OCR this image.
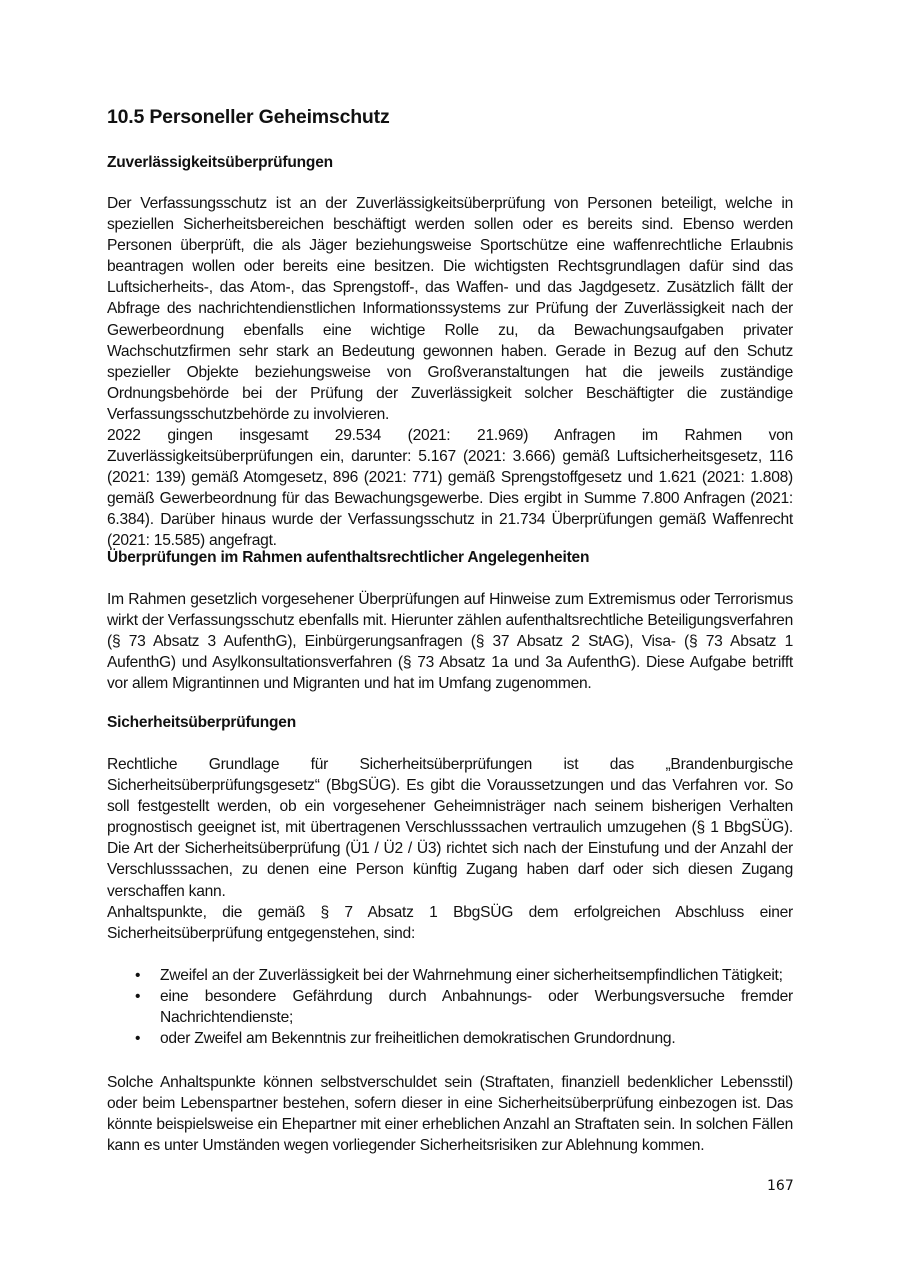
10.5 Personeller Geheimschutz
Zuverlässigkeitsüberprüfungen

Der Verfassungsschutz ist an der Zuverlässigkeitsüberprüfung von Personen beteiligt, welche in speziellen Sicherheitsbereichen beschäftigt werden sollen oder es bereits sind. Ebenso werden Personen überprüft, die als Jäger beziehungsweise Sportschütze eine waffenrechtliche Erlaubnis beantragen wollen oder bereits eine besitzen. Die wichtigsten Rechtsgrundlagen dafür sind das Luftsicherheits-, das Atom-, das Sprengstoff-, das Waffen- und das Jagdgesetz. Zusätzlich fällt der Abfrage des nachrichtendienstlichen Informationssystems zur Prüfung der Zuverlässigkeit nach der Gewerbeordnung ebenfalls eine wichtige Rolle zu, da Bewachungsaufgaben privater Wachschutzfirmen sehr stark an Bedeutung gewonnen haben. Gerade in Bezug auf den Schutz spezieller Objekte beziehungsweise von Großveranstaltungen hat die jeweils zuständige Ordnungsbehörde bei der Prüfung der Zuverlässigkeit solcher Beschäftigter die zuständige Verfassungsschutzbehörde zu involvieren.

2022 gingen insgesamt 29.534 (2021: 21.969) Anfragen im Rahmen von Zuverlässigkeitsüberprüfungen ein, darunter: 5.167 (2021: 3.666) gemäß Luftsicherheitsgesetz, 116 (2021: 139) gemäß Atomgesetz, 896 (2021: 771) gemäß Sprengstoffgesetz und 1.621 (2021: 1.808) gemäß Gewerbeordnung für das Bewachungsgewerbe. Dies ergibt in Summe 7.800 Anfragen (2021: 6.384). Darüber hinaus wurde der Verfassungsschutz in 21.734 Überprüfungen gemäß Waffenrecht (2021: 15.585) angefragt.

Überprüfungen im Rahmen aufenthaltsrechtlicher Angelegenheiten

Im Rahmen gesetzlich vorgesehener Überprüfungen auf Hinweise zum Extremismus oder Terrorismus wirkt der Verfassungsschutz ebenfalls mit. Hierunter zählen aufenthaltsrechtliche Beteiligungsverfahren (§ 73 Absatz 3 AufenthG), Einbürgerungsanfragen (§ 37 Absatz 2 StAG), Visa- (§ 73 Absatz 1 AufenthG) und Asylkonsultationsverfahren (§ 73 Absatz 1a und 3a AufenthG). Diese Aufgabe betrifft vor allem Migrantinnen und Migranten und hat im Umfang zugenommen.

Sicherheitsüberprüfungen

Rechtliche Grundlage für Sicherheitsüberprüfungen ist das „Brandenburgische Sicherheitsüberprüfungsgesetz“ (BbgSÜG). Es gibt die Voraussetzungen und das Verfahren vor. So soll festgestellt werden, ob ein vorgesehener Geheimnisträger nach seinem bisherigen Verhalten prognostisch geeignet ist, mit übertragenen Verschlusssachen vertraulich umzugehen (§ 1 BbgSÜG). Die Art der Sicherheitsüberprüfung (Ü1 / Ü2 / Ü3) richtet sich nach der Einstufung und der Anzahl der Verschlusssachen, zu denen eine Person künftig Zugang haben darf oder sich diesen Zugang verschaffen kann.

Anhaltspunkte, die gemäß § 7 Absatz 1 BbgSÜG dem erfolgreichen Abschluss einer Sicherheitsüberprüfung entgegenstehen, sind:

• Zweifel an der Zuverlässigkeit bei der Wahrnehmung einer sicherheitsempfindlichen Tätigkeit;
• eine besondere Gefährdung durch Anbahnungs- oder Werbungsversuche fremder Nachrichtendienste;
• oder Zweifel am Bekenntnis zur freiheitlichen demokratischen Grundordnung.

Solche Anhaltspunkte können selbstverschuldet sein (Straftaten, finanziell bedenklicher Lebensstil) oder beim Lebenspartner bestehen, sofern dieser in eine Sicherheitsüberprüfung einbezogen ist. Das könnte beispielsweise ein Ehepartner mit einer erheblichen Anzahl an Straftaten sein. In solchen Fällen kann es unter Umständen wegen vorliegender Sicherheitsrisiken zur Ablehnung kommen.

167
